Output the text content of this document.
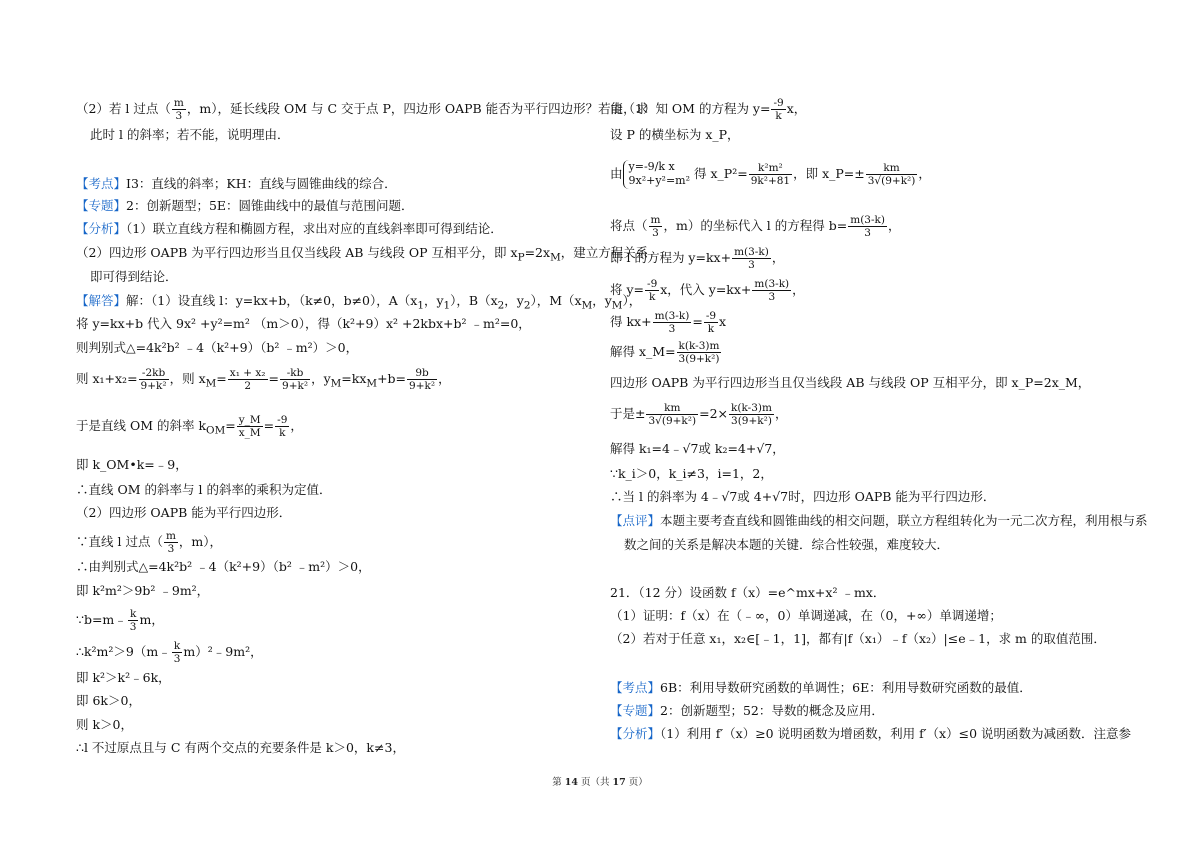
（2）若 l 过点（ $\frac{m}{3}$ ，m），延长线段 OM 与 C 交于点 P，四边形 OAPB 能否为平行四边形？若能，求
此时 l 的斜率；若不能，说明理由．
【考点】I3：直线的斜率；KH：直线与圆锥曲线的综合．
【专题】2：创新题型；5E：圆锥曲线中的最值与范围问题．
【分析】（1）联立直线方程和椭圆方程，求出对应的直线斜率即可得到结论．
（2）四边形 OAPB 为平行四边形当且仅当线段 AB 与线段 OP 互相平分，即 $x_P=2x_M$，建立方程关系
即可得到结论．
【解答】解：（1）设直线 l：y=kx+b，（k≠0，b≠0），$A(x_1$，$y_1$），$B(x_2$，$y_2$），$M(x_M$，$y_M$），
将 y=kx+b 代入 9x² +y²=m² （m＞0），得（k²+9）x² +2kbx+b² ﹣m²=0，
则判别式△=4k²b² ﹣4（k²+9）（b² ﹣m²）＞0，
则 $x_1+x_2= \frac{-2kb}{\text{9+k²}}$ ，则 $x_M= \frac{\text{x₁ + x₂}}{2} = \frac{-kb}{\text{9+k²}}$ ，$y_M=kx_M+b= \frac{9b}{\text{9+k²}}$ ，
于是直线 OM 的斜率 $k_{OM}= \frac{y\_M}{x\_M} = \frac{-9}{k}$ ，
即 k_OM•k=﹣9，
∴直线 OM 的斜率与 l 的斜率的乘积为定值．
（2）四边形 OAPB 能为平行四边形．
∵直线 l 过点（ $\frac{m}{3}$ ，m），
∴由判别式△=4k²b² ﹣4（k²+9）（b² ﹣m²）＞0，
即 k²m²＞9b² ﹣9m²，
∵b=m﹣ $\frac{k}{3}$ m，
∴k²m²＞9（m﹣ $\frac{k}{3}$ m）²﹣9m²，
即 k²＞k²﹣6k，
即 6k＞0，
则 k＞0，
∴l 不过原点且与 C 有两个交点的充要条件是 k＞0，k≠3，
由（1）知 OM 的方程为 $y= \frac{-9}{k}$ x，
设 P 的横坐标为 x_P，
由 y=-9/k x
9x²+y²=m² 得 x_P²= $\frac{\text{k²m²}}{\text{9k²+81}}$ ，即 x_P=± $\frac{km}{\text{3√(9+k²)}}$ ，
将点（ $\frac{m}{3}$ ，m）的坐标代入 l 的方程得 $b= \frac{m(3-k)}{3}$ ，
即 l 的方程为 $y=kx+ \frac{m(3-k)}{3}$ ，
将 $y= \frac{-9}{k}$ x，代入 $y=kx+ \frac{m(3-k)}{3}$ ，
得 $kx+ \frac{m(3-k)}{3} = \frac{-9}{k}$ x
解得 x_M= $\frac{k(k-3)m}{\text{3(9+k²)}}$
四边形 OAPB 为平行四边形当且仅当线段 AB 与线段 OP 互相平分，即 x_P=2x_M，
于是± $\frac{km}{\text{3√(9+k²)}} =2\times \frac{k(k-3)m}{\text{3(9+k²)}}$ ，
解得 k₁=4﹣√7或 k₂=4+√7，
∵k_i＞0，k_i≠3，i=1，2，
∴当 l 的斜率为 4﹣√7或 4+√7时，四边形 OAPB 能为平行四边形．
【点评】本题主要考查直线和圆锥曲线的相交问题，联立方程组转化为一元二次方程，利用根与系
数之间的关系是解决本题的关键．综合性较强，难度较大．
21．（12 分）设函数 f（x）=e^mx+x² ﹣mx．
（1）证明：f（x）在（﹣∞，0）单调递减，在（0，+∞）单调递增；
（2）若对于任意 x₁，x₂∈[﹣1，1]，都有|f（x₁）﹣f（x₂）|≤e﹣1，求 m 的取值范围．
【考点】6B：利用导数研究函数的单调性；6E：利用导数研究函数的最值．
【专题】2：创新题型；52：导数的概念及应用．
【分析】（1）利用 f′（x）≥0 说明函数为增函数，利用 f′（x）≤0 说明函数为减函数．注意参
第 14 页（共 17 页）
